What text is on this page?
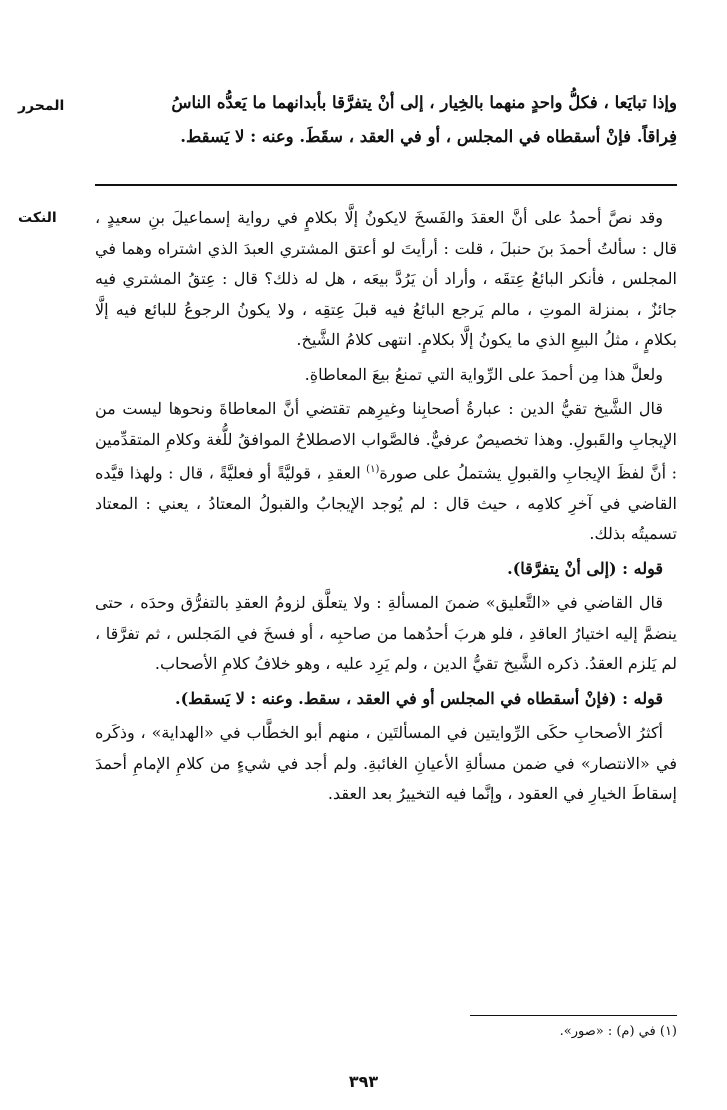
المحرر	وإذا تبايَعا ، فكلُّ واحدٍ منهما بالخِيار ، إلى أنْ يتفرَّقا بأبدانهما ما يَعدُّه الناسُ

فِراقاً. فإنْ أسقطاه في المجلس ، أو في العقد ، سقَطَ. وعنه : لا يَسقط.

النكت	وقد نصَّ أحمدُ على أنَّ العقدَ والفَسخَ لايكونُ إلَّا بكلامٍ في رواية إسماعيلَ بنِ سعيدٍ ، قال : سألتُ أحمدَ بنَ حنبلَ ، قلت : أرأيتَ لو أعتق المشتري العبدَ الذي اشتراه وهما في المجلس ، فأنكر البائعُ عِتقَه ، وأراد أن يَرُدَّ بيعَه ، هل له ذلك؟ قال : عِتقُ المشتري فيه جائزٌ ، بمنزلة الموتِ ، مالم يَرجع البائعُ فيه قبلَ عِتقِه ، ولا يكونُ الرجوعُ للبائع فيه إلَّا بكلامٍ ، مثلُ البيعِ الذي ما يكونُ إلَّا بكلامٍ. انتهى كلامُ الشَّيخ.

ولعلَّ هذا مِن أحمدَ على الرِّواية التي تمنعُ بيعَ المعاطاةِ.

قال الشَّيخ تقيُّ الدين : عبارةُ أصحابِنا وغيرِهم تقتضي أنَّ المعاطاةَ ونحوها ليست من الإيجابِ والقَبولِ. وهذا تخصيصٌ عرفيٌّ. فالصَّواب الاصطلاحُ الموافقُ للُّغة وكلامِ المتقدِّمين : أنَّ لفظَ الإيجابِ والقبولِ يشتملُ على صورة$^{(١)}$ العقدِ ، قوليَّةً أو فعليَّةً ، قال : ولهذا قيَّده القاضي في آخرِ كلامِه ، حيث قال : لم يُوجد الإيجابُ والقبولُ المعتادُ ، يعني : المعتاد تسميتُه بذلك.

قوله : (إلى أنْ يتفرَّقا).

قال القاضي في «التَّعليق» ضمنَ المسألةِ : ولا يتعلَّق لزومُ العقدِ بالتفرُّق وحدَه ، حتى ينضمَّ إليه اختيارُ العاقدِ ، فلو هربَ أحدُهما من صاحبِه ، أو فسخَ في المَجلس ، ثم تفرَّقا ، لم يَلزم العقدُ. ذكره الشَّيخ تقيُّ الدين ، ولم يَرِد عليه ، وهو خلافُ كلامِ الأصحاب.

قوله : (فإنْ أسقطاه في المجلس أو في العقد ، سقط. وعنه : لا يَسقط).

أكثرُ الأصحابِ حكَى الرِّوايتين في المسألتَين ، منهم أبو الخطَّاب في «الهداية» ، وذكَره في «الانتصار» في ضمن مسألةِ الأعيانِ الغائبةِ. ولم أجد في شيءٍ من كلامِ الإمامِ أحمدَ إسقاطَ الخيارِ في العقود ، وإنَّما فيه التخييرُ بعد العقد.

(١) في (م) : «صور».
٣٩٣
